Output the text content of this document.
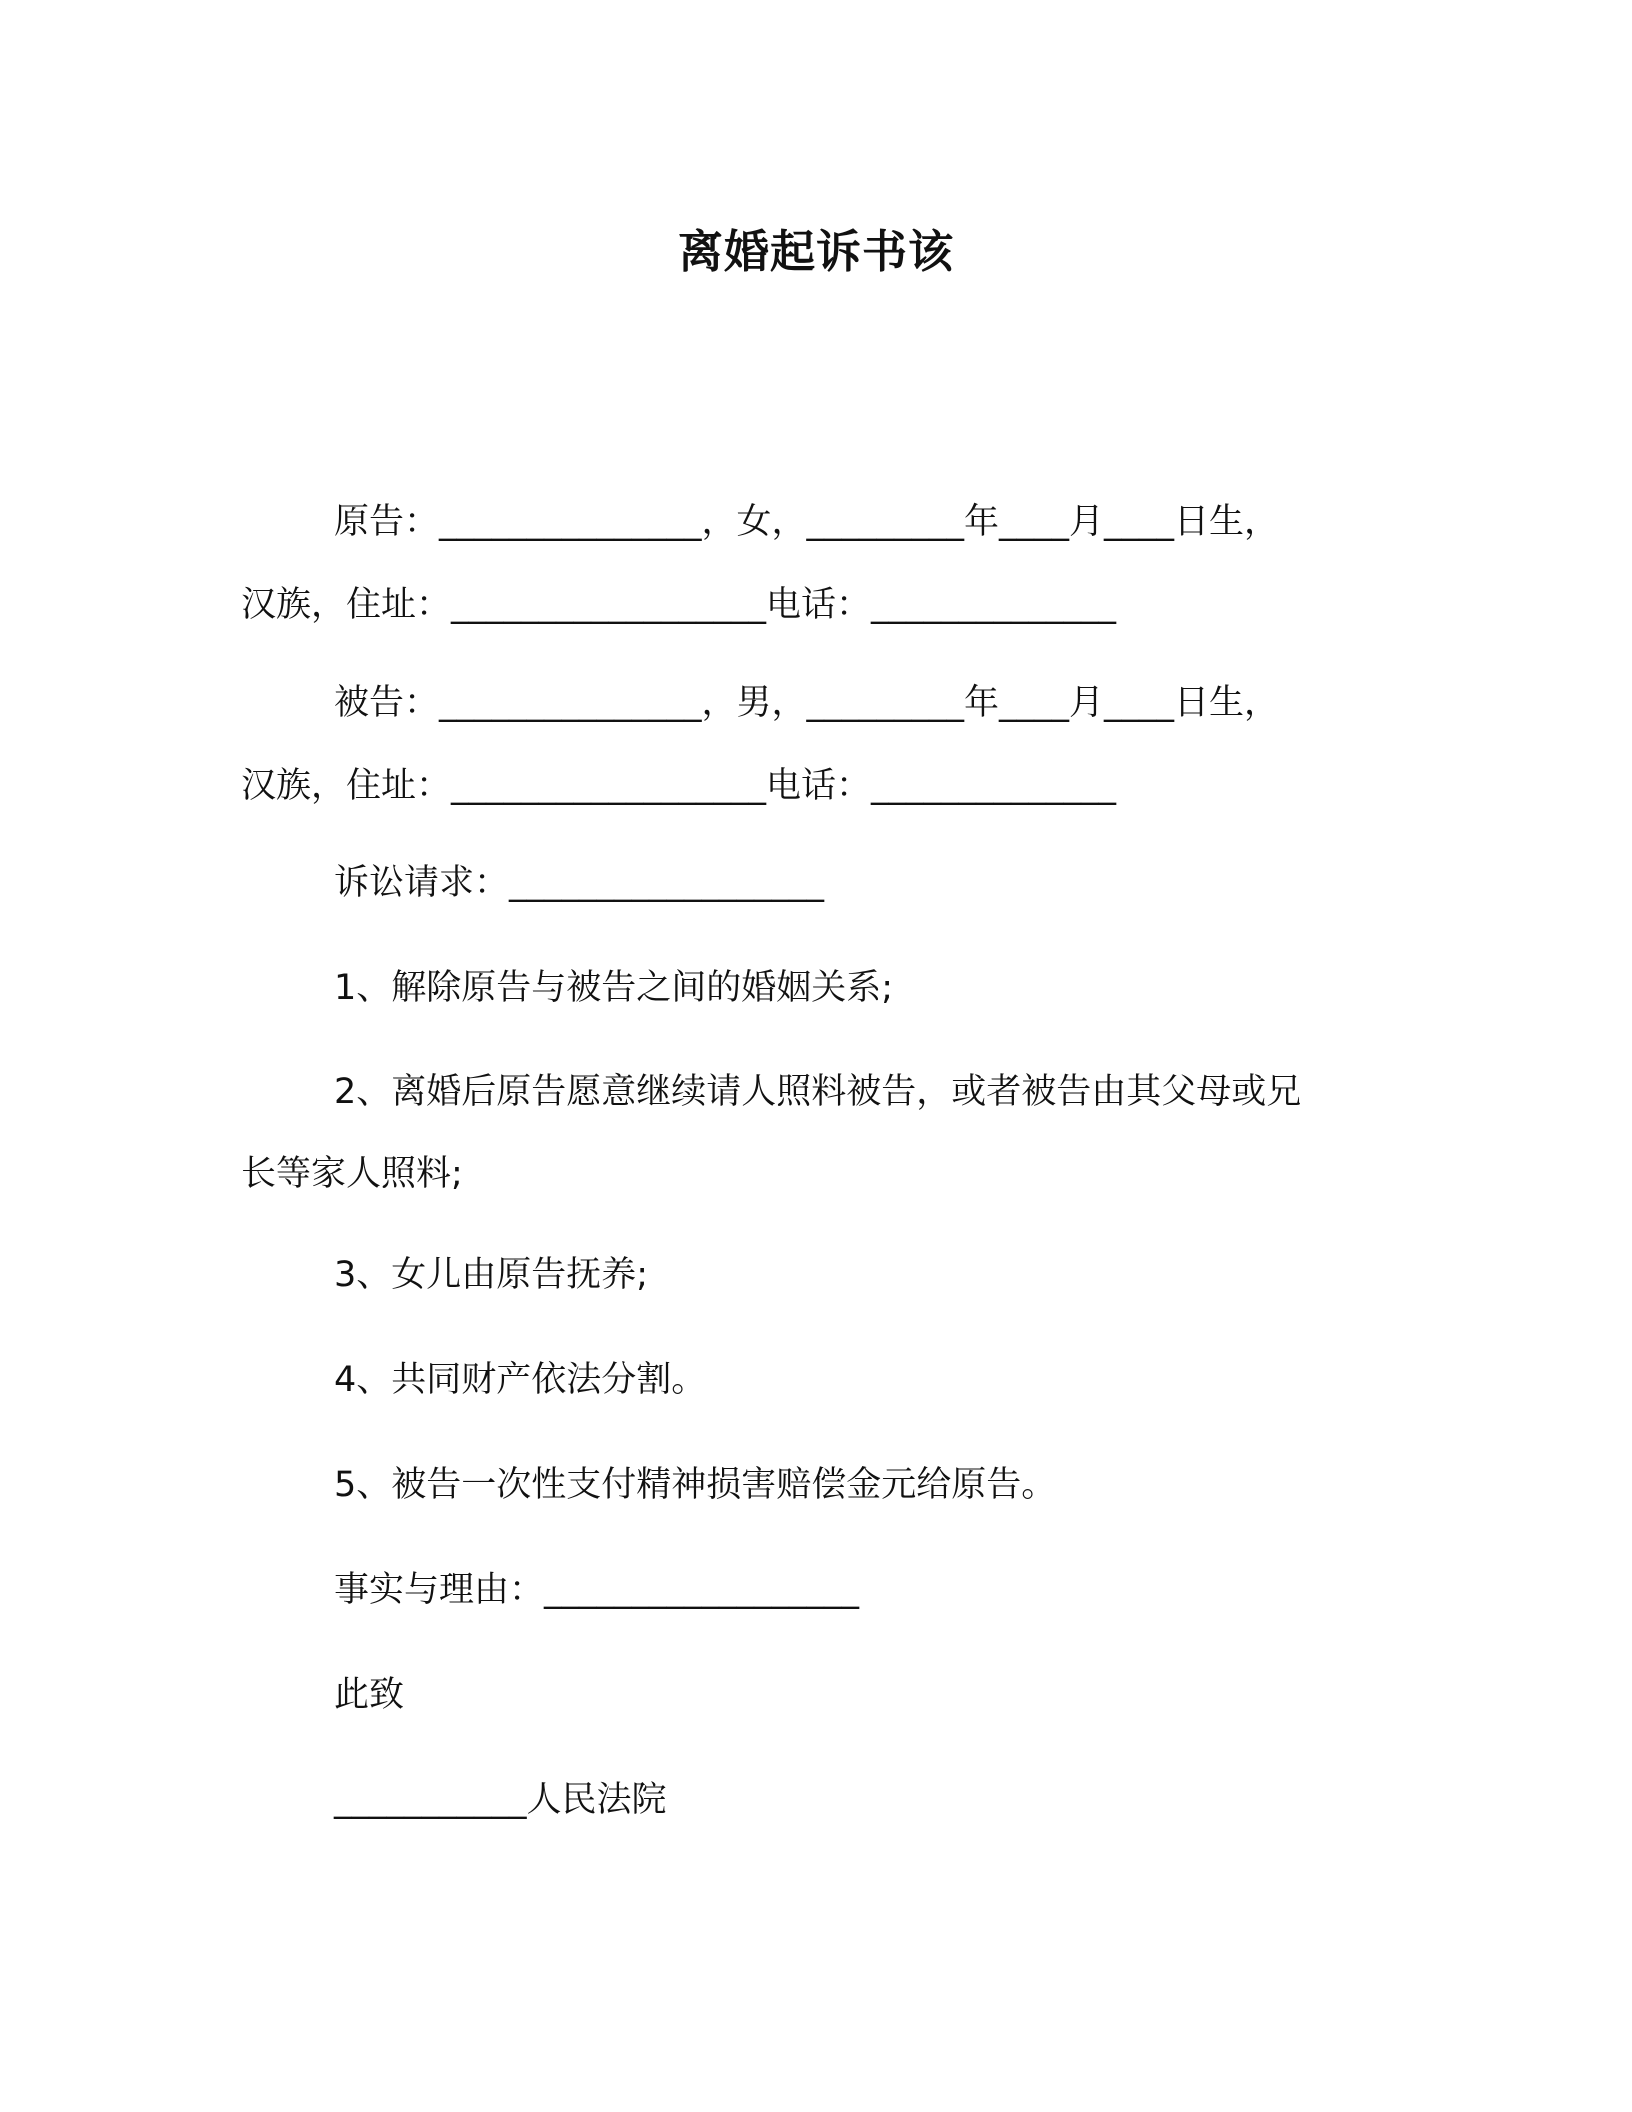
离婚起诉书该
原告：_______________，女，_________年____月____日生，
汉族，住址：__________________电话：______________
被告：_______________，男，_________年____月____日生，
汉族，住址：__________________电话：______________
诉讼请求：__________________
1、解除原告与被告之间的婚姻关系;
2、离婚后原告愿意继续请人照料被告，或者被告由其父母或兄
长等家人照料;
3、女儿由原告抚养;
4、共同财产依法分割。
5、被告一次性支付精神损害赔偿金元给原告。
事实与理由：__________________
此致
___________人民法院
